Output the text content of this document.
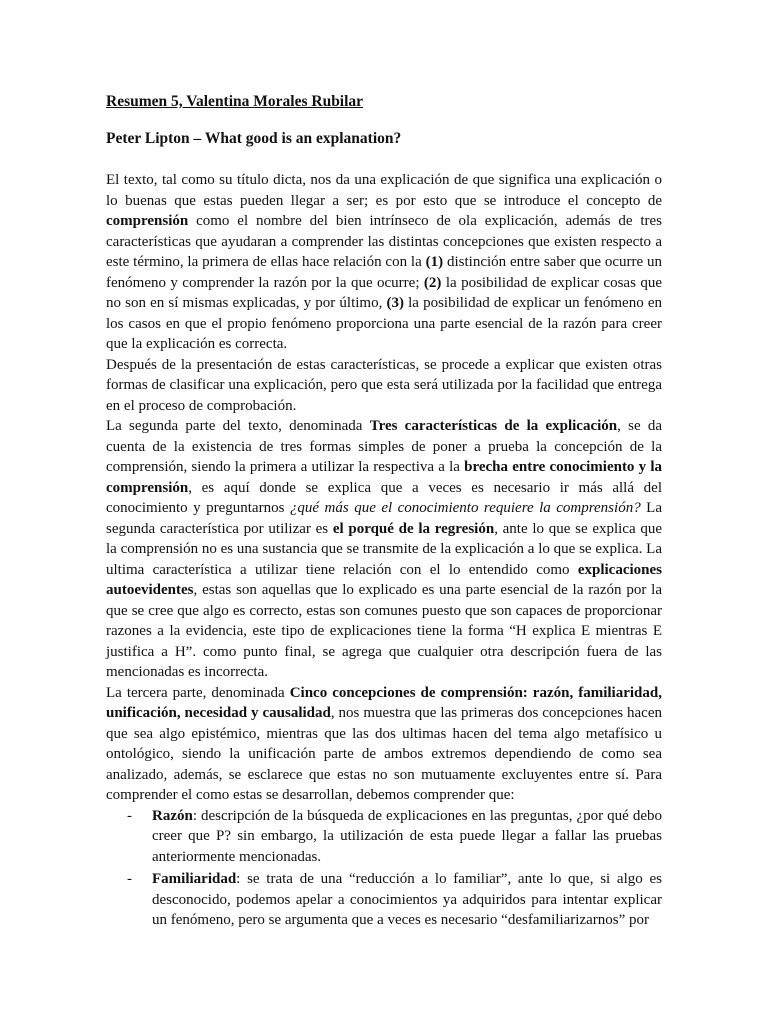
Resumen 5, Valentina Morales Rubilar

Peter Lipton – What good is an explanation?

El texto, tal como su título dicta, nos da una explicación de que significa una explicación o lo buenas que estas pueden llegar a ser; es por esto que se introduce el concepto de comprensión como el nombre del bien intrínseco de ola explicación, además de tres características que ayudaran a comprender las distintas concepciones que existen respecto a este término, la primera de ellas hace relación con la (1) distinción entre saber que ocurre un fenómeno y comprender la razón por la que ocurre; (2) la posibilidad de explicar cosas que no son en sí mismas explicadas, y por último, (3) la posibilidad de explicar un fenómeno en los casos en que el propio fenómeno proporciona una parte esencial de la razón para creer que la explicación es correcta.

Después de la presentación de estas características, se procede a explicar que existen otras formas de clasificar una explicación, pero que esta será utilizada por la facilidad que entrega en el proceso de comprobación.

La segunda parte del texto, denominada Tres características de la explicación, se da cuenta de la existencia de tres formas simples de poner a prueba la concepción de la comprensión, siendo la primera a utilizar la respectiva a la brecha entre conocimiento y la comprensión, es aquí donde se explica que a veces es necesario ir más allá del conocimiento y preguntarnos ¿qué más que el conocimiento requiere la comprensión? La segunda característica por utilizar es el porqué de la regresión, ante lo que se explica que la comprensión no es una sustancia que se transmite de la explicación a lo que se explica. La ultima característica a utilizar tiene relación con el lo entendido como explicaciones autoevidentes, estas son aquellas que lo explicado es una parte esencial de la razón por la que se cree que algo es correcto, estas son comunes puesto que son capaces de proporcionar razones a la evidencia, este tipo de explicaciones tiene la forma “H explica E mientras E justifica a H”. como punto final, se agrega que cualquier otra descripción fuera de las mencionadas es incorrecta.

La tercera parte, denominada Cinco concepciones de comprensión: razón, familiaridad, unificación, necesidad y causalidad, nos muestra que las primeras dos concepciones hacen que sea algo epistémico, mientras que las dos ultimas hacen del tema algo metafísico u ontológico, siendo la unificación parte de ambos extremos dependiendo de como sea analizado, además, se esclarece que estas no son mutuamente excluyentes entre sí. Para comprender el como estas se desarrollan, debemos comprender que:

- Razón: descripción de la búsqueda de explicaciones en las preguntas, ¿por qué debo creer que P? sin embargo, la utilización de esta puede llegar a fallar las pruebas anteriormente mencionadas.
- Familiaridad: se trata de una “reducción a lo familiar”, ante lo que, si algo es desconocido, podemos apelar a conocimientos ya adquiridos para intentar explicar un fenómeno, pero se argumenta que a veces es necesario “desfamiliarizarnos” por
